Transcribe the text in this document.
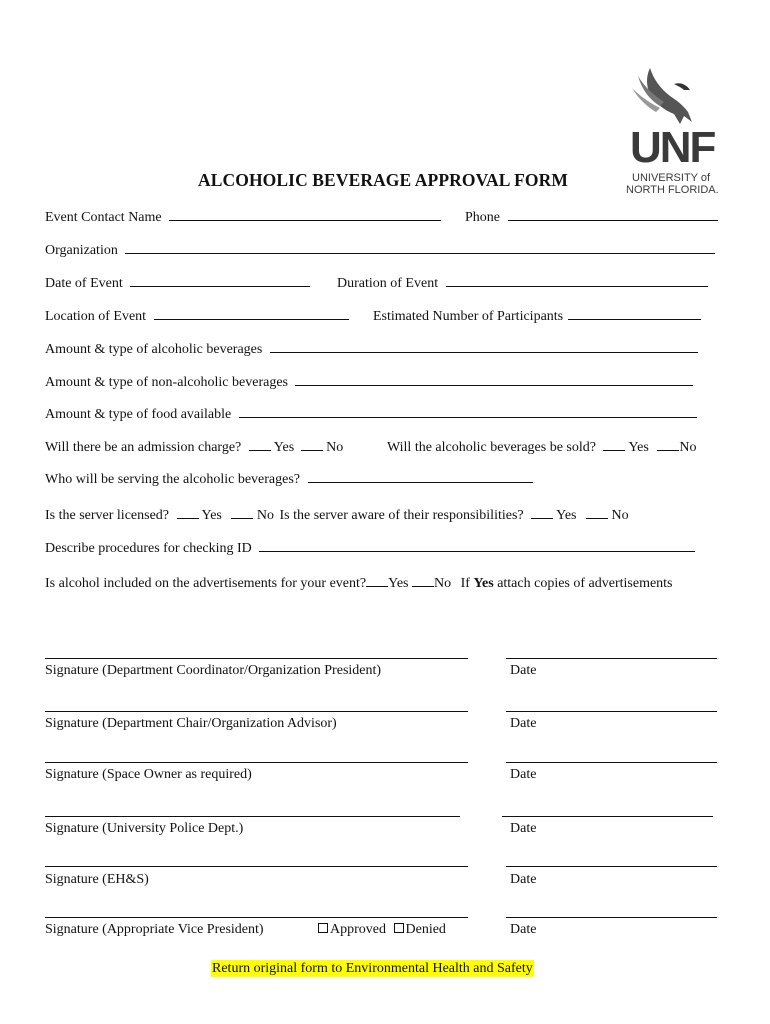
UNF
UNIVERSITY of
NORTH FLORIDA.
ALCOHOLIC BEVERAGE APPROVAL FORM
Event Contact Name	Phone
Organization
Date of Event	Duration of Event
Location of Event	Estimated Number of Participants
Amount & type of alcoholic beverages
Amount & type of non-alcoholic beverages
Amount & type of food available
Will there be an admission charge? Yes No	Will the alcoholic beverages be sold? Yes No
Who will be serving the alcoholic beverages?
Is the server licensed? Yes	No Is the server aware of their responsibilities? Yes	No
Describe procedures for checking ID
Is alcohol included on the advertisements for your event? Yes No If Yes attach copies of advertisements
Signature (Department Coordinator/Organization President)	Date
Signature (Department Chair/Organization Advisor)	Date
Signature (Space Owner as required)	Date
Signature (University Police Dept.)	Date
Signature (EH&S)	Date
Signature (Appropriate Vice President)	Approved Denied	Date
Return original form to Environmental Health and Safety
